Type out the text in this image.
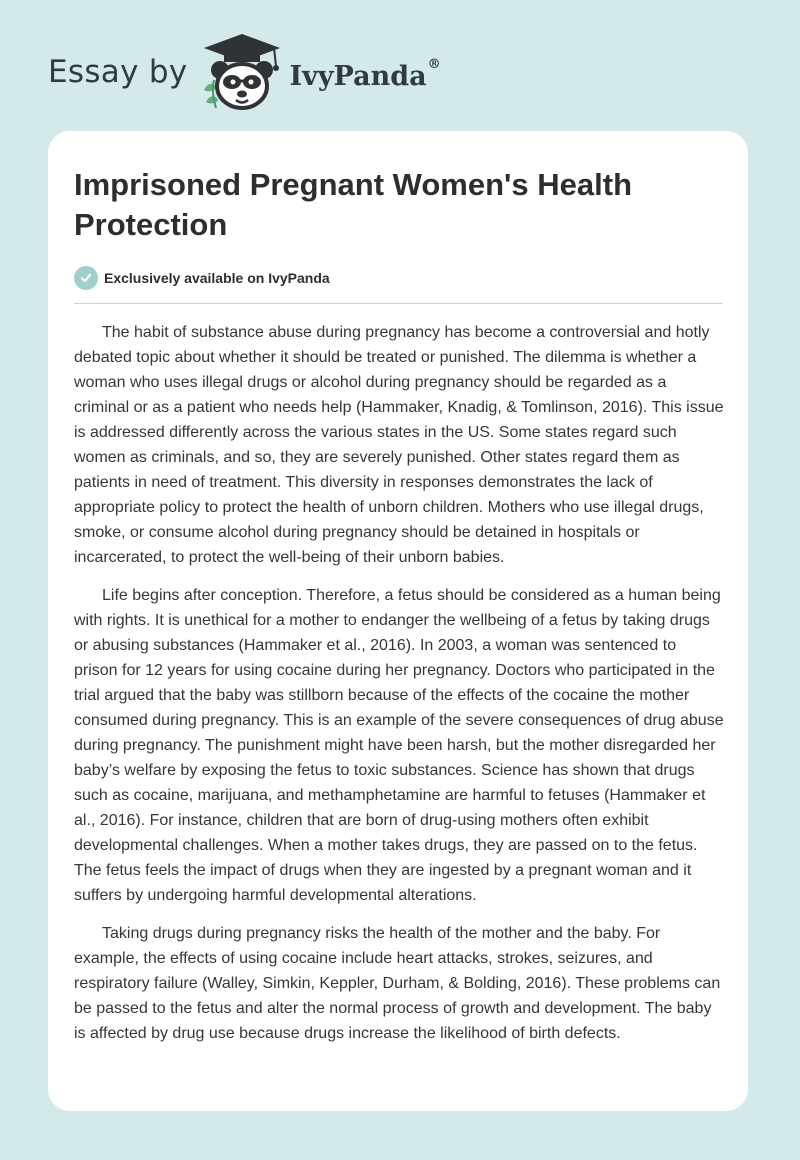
Essay by	IvyPanda®
Imprisoned Pregnant Women's Health Protection
Exclusively available on IvyPanda

The habit of substance abuse during pregnancy has become a controversial and hotly debated topic about whether it should be treated or punished. The dilemma is whether a woman who uses illegal drugs or alcohol during pregnancy should be regarded as a criminal or as a patient who needs help (Hammaker, Knadig, & Tomlinson, 2016). This issue is addressed differently across the various states in the US. Some states regard such women as criminals, and so, they are severely punished. Other states regard them as patients in need of treatment. This diversity in responses demonstrates the lack of appropriate policy to protect the health of unborn children. Mothers who use illegal drugs, smoke, or consume alcohol during pregnancy should be detained in hospitals or incarcerated, to protect the well-being of their unborn babies.

Life begins after conception. Therefore, a fetus should be considered as a human being with rights. It is unethical for a mother to endanger the wellbeing of a fetus by taking drugs or abusing substances (Hammaker et al., 2016). In 2003, a woman was sentenced to prison for 12 years for using cocaine during her pregnancy. Doctors who participated in the trial argued that the baby was stillborn because of the effects of the cocaine the mother consumed during pregnancy. This is an example of the severe consequences of drug abuse during pregnancy. The punishment might have been harsh, but the mother disregarded her baby’s welfare by exposing the fetus to toxic substances. Science has shown that drugs such as cocaine, marijuana, and methamphetamine are harmful to fetuses (Hammaker et al., 2016). For instance, children that are born of drug-using mothers often exhibit developmental challenges. When a mother takes drugs, they are passed on to the fetus. The fetus feels the impact of drugs when they are ingested by a pregnant woman and it suffers by undergoing harmful developmental alterations.

Taking drugs during pregnancy risks the health of the mother and the baby. For example, the effects of using cocaine include heart attacks, strokes, seizures, and respiratory failure (Walley, Simkin, Keppler, Durham, & Bolding, 2016). These problems can be passed to the fetus and alter the normal process of growth and development. The baby is affected by drug use because drugs increase the likelihood of birth defects.
